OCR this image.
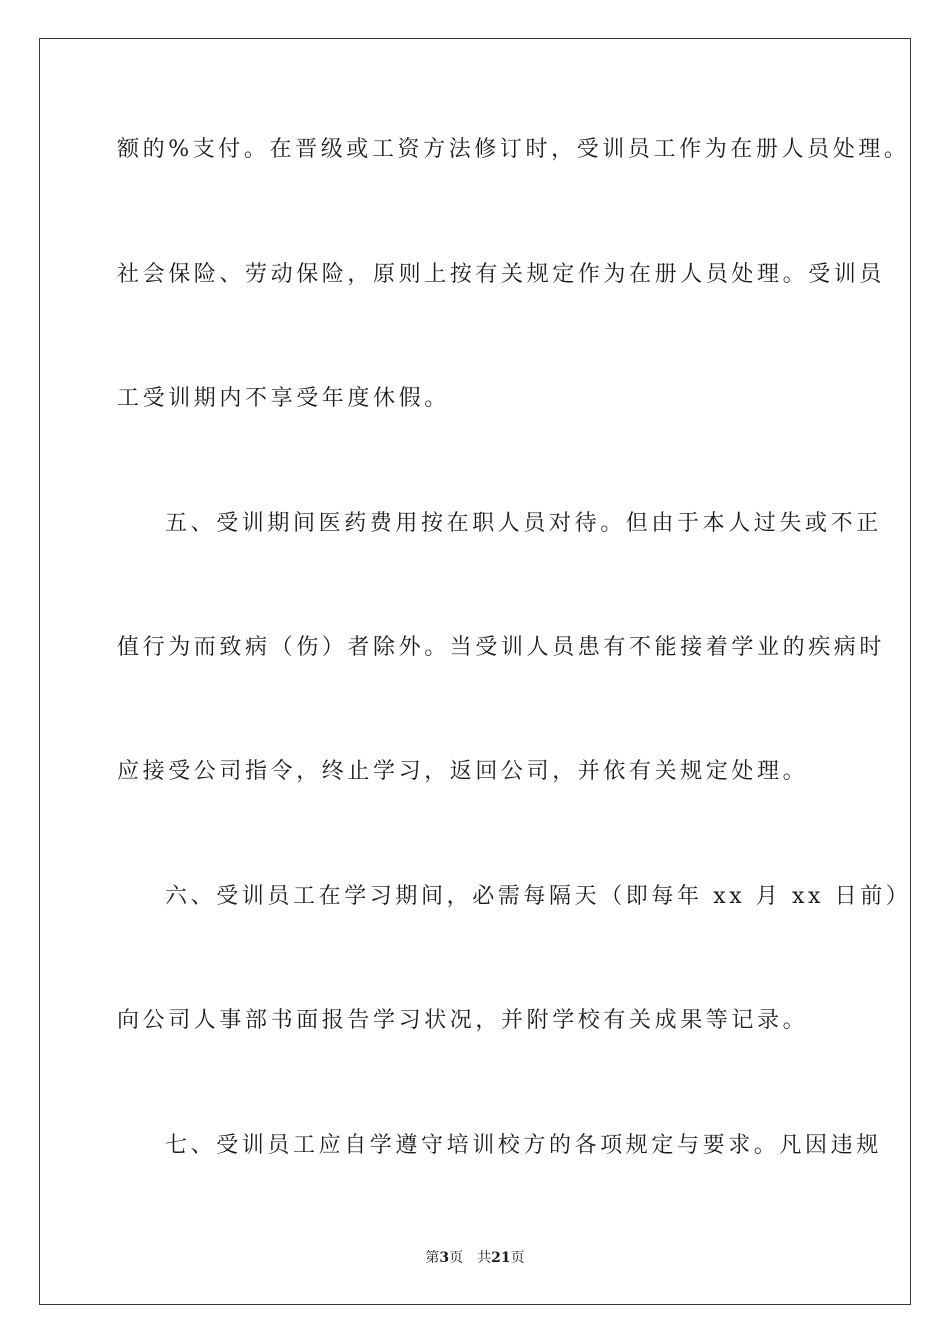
额的%支付。在晋级或工资方法修订时，受训员工作为在册人员处理。
社会保险、劳动保险，原则上按有关规定作为在册人员处理。受训员
工受训期内不享受年度休假。
五、受训期间医药费用按在职人员对待。但由于本人过失或不正
值行为而致病（伤）者除外。当受训人员患有不能接着学业的疾病时
应接受公司指令，终止学习，返回公司，并依有关规定处理。
六、受训员工在学习期间，必需每隔天（即每年 xx 月 xx 日前）
向公司人事部书面报告学习状况，并附学校有关成果等记录。
七、受训员工应自学遵守培训校方的各项规定与要求。凡因违规
第3页 共21页
